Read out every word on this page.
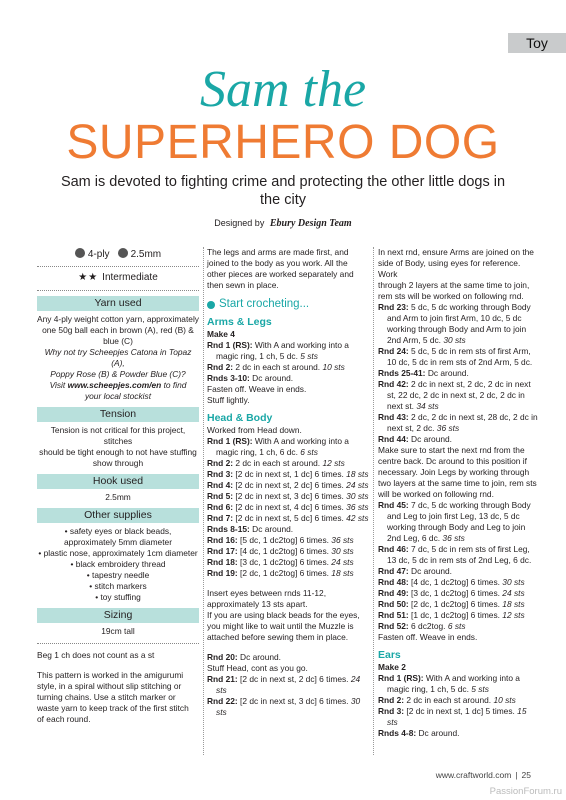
Toy
Sam the
SUPERHERO DOG
Sam is devoted to fighting crime and protecting the other little dogs in the city
Designed by Ebury Design Team
4-ply	2.5mm
★★ Intermediate
Yarn used
Any 4-ply weight cotton yarn, approximately
one 50g ball each in brown (A), red (B) &
blue (C)
Why not try Scheepjes Catona in Topaz (A),
Poppy Rose (B) & Powder Blue (C)?
Visit www.scheepjes.com/en to find
your local stockist
Tension
Tension is not critical for this project, stitches
should be tight enough to not have stuffing
show through
Hook used
2.5mm
Other supplies
• safety eyes or black beads,
approximately 5mm diameter
• plastic nose, approximately 1cm diameter
• black embroidery thread
• tapestry needle
• stitch markers
• toy stuffing
Sizing
19cm tall
Beg 1 ch does not count as a st
This pattern is worked in the amigurumi
style, in a spiral without slip stitching or
turning chains. Use a stitch marker or
waste yarn to keep track of the first stitch
of each round.
The legs and arms are made first, and
joined to the body as you work. All the
other pieces are worked separately and
then sewn in place.
Start crocheting...
Arms & Legs
Make 4
Rnd 1 (RS): With A and working into a magic ring, 1 ch, 5 dc. 5 sts
Rnd 2: 2 dc in each st around. 10 sts
Rnds 3-10: Dc around.
Fasten off. Weave in ends.
Stuff lightly.
Head & Body
Worked from Head down.
Rnd 1 (RS): With A and working into a magic ring, 1 ch, 6 dc. 6 sts
Rnd 2: 2 dc in each st around. 12 sts
Rnd 3: [2 dc in next st, 1 dc] 6 times. 18 sts
Rnd 4: [2 dc in next st, 2 dc] 6 times. 24 sts
Rnd 5: [2 dc in next st, 3 dc] 6 times. 30 sts
Rnd 6: [2 dc in next st, 4 dc] 6 times. 36 sts
Rnd 7: [2 dc in next st, 5 dc] 6 times. 42 sts
Rnds 8-15: Dc around.
Rnd 16: [5 dc, 1 dc2tog] 6 times. 36 sts
Rnd 17: [4 dc, 1 dc2tog] 6 times. 30 sts
Rnd 18: [3 dc, 1 dc2tog] 6 times. 24 sts
Rnd 19: [2 dc, 1 dc2tog] 6 times. 18 sts
Insert eyes between rnds 11-12,
approximately 13 sts apart.
If you are using black beads for the eyes,
you might like to wait until the Muzzle is
attached before sewing them in place.
Rnd 20: Dc around.
Stuff Head, cont as you go.
Rnd 21: [2 dc in next st, 2 dc] 6 times. 24 sts
Rnd 22: [2 dc in next st, 3 dc] 6 times. 30 sts
In next rnd, ensure Arms are joined on the
side of Body, using eyes for reference. Work
through 2 layers at the same time to join,
rem sts will be worked on following rnd.
Rnd 23: 5 dc, 5 dc working through Body and Arm to join first Arm, 10 dc, 5 dc working through Body and Arm to join 2nd Arm, 5 dc. 30 sts
Rnd 24: 5 dc, 5 dc in rem sts of first Arm, 10 dc, 5 dc in rem sts of 2nd Arm, 5 dc.
Rnds 25-41: Dc around.
Rnd 42: 2 dc in next st, 2 dc, 2 dc in next st, 22 dc, 2 dc in next st, 2 dc, 2 dc in next st. 34 sts
Rnd 43: 2 dc, 2 dc in next st, 28 dc, 2 dc in next st, 2 dc. 36 sts
Rnd 44: Dc around.
Make sure to start the next rnd from the
centre back. Dc around to this position if
necessary. Join Legs by working through
two layers at the same time to join, rem sts
will be worked on following rnd.
Rnd 45: 7 dc, 5 dc working through Body and Leg to join first Leg, 13 dc, 5 dc working through Body and Leg to join 2nd Leg, 6 dc. 36 sts
Rnd 46: 7 dc, 5 dc in rem sts of first Leg, 13 dc, 5 dc in rem sts of 2nd Leg, 6 dc.
Rnd 47: Dc around.
Rnd 48: [4 dc, 1 dc2tog] 6 times. 30 sts
Rnd 49: [3 dc, 1 dc2tog] 6 times. 24 sts
Rnd 50: [2 dc, 1 dc2tog] 6 times. 18 sts
Rnd 51: [1 dc, 1 dc2tog] 6 times. 12 sts
Rnd 52: 6 dc2tog. 6 sts
Fasten off. Weave in ends.
Ears
Make 2
Rnd 1 (RS): With A and working into a magic ring, 1 ch, 5 dc. 5 sts
Rnd 2: 2 dc in each st around. 10 sts
Rnd 3: [2 dc in next st, 1 dc] 5 times. 15 sts
Rnds 4-8: Dc around.
www.craftworld.com | 25
PassionForum.ru
